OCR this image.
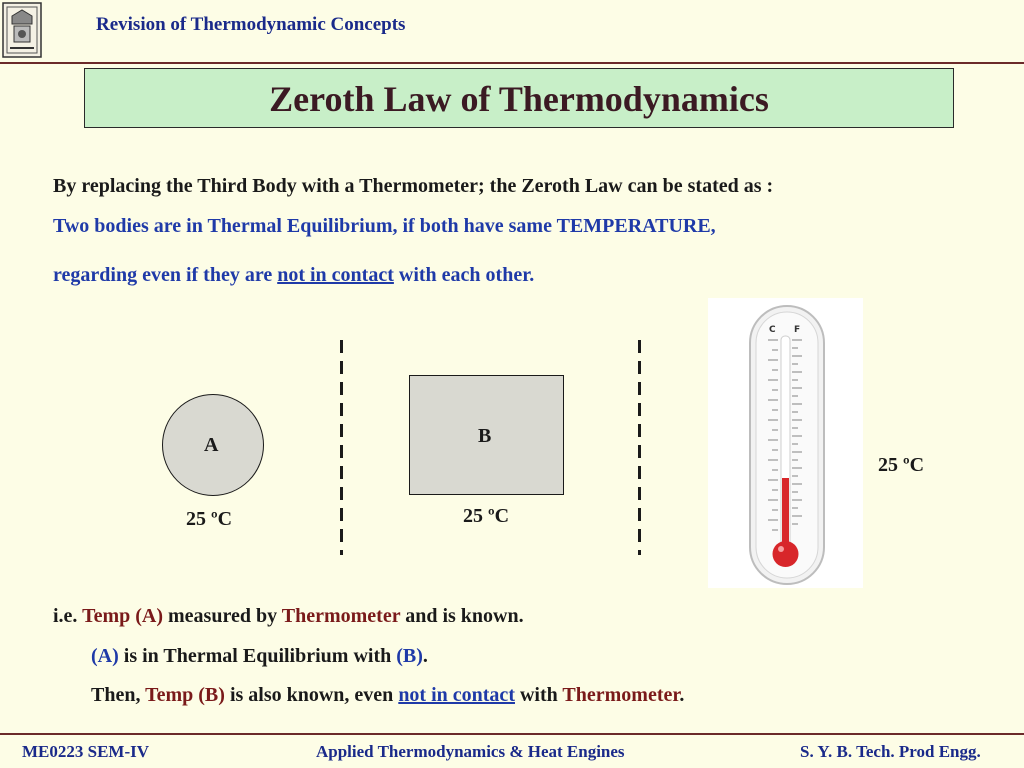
Revision of Thermodynamic Concepts
Zeroth Law of Thermodynamics
By replacing the Third Body with a Thermometer; the Zeroth Law can be stated as :
Two bodies are in Thermal Equilibrium, if both have same TEMPERATURE,
regarding even if they are not in contact with each other.
A
25 ºC
B
25 ºC
C F
25 ºC
i.e. Temp (A) measured by Thermometer and is known.
(A) is in Thermal Equilibrium with (B).
Then, Temp (B) is also known, even not in contact with Thermometer.
ME0223 SEM-IV	Applied Thermodynamics & Heat Engines	S. Y. B. Tech. Prod Engg.
